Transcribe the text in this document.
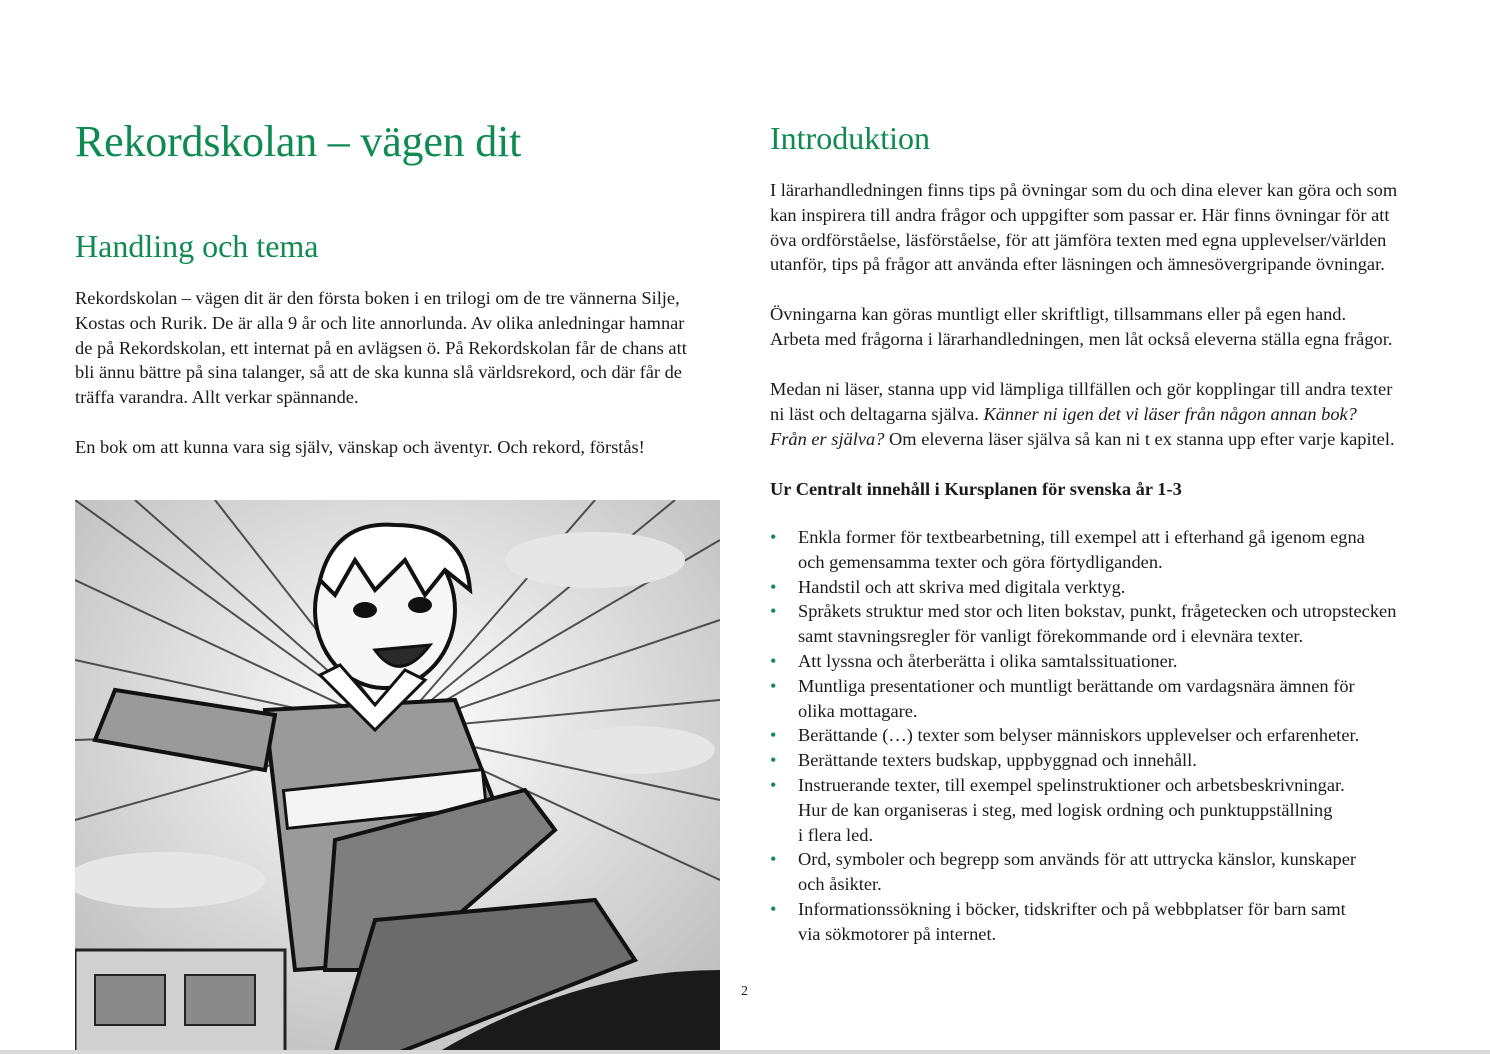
Rekordskolan – vägen dit
Handling och tema

Rekordskolan – vägen dit är den första boken i en trilogi om de tre vännerna Silje,
Kostas och Rurik. De är alla 9 år och lite annorlunda. Av olika anledningar hamnar
de på Rekordskolan, ett internat på en avlägsen ö. På Rekordskolan får de chans att
bli ännu bättre på sina talanger, så att de ska kunna slå världsrekord, och där får de
träffa varandra. Allt verkar spännande.

En bok om att kunna vara sig själv, vänskap och äventyr. Och rekord, förstås!

2
Introduktion

I lärarhandledningen finns tips på övningar som du och dina elever kan göra och som
kan inspirera till andra frågor och uppgifter som passar er. Här finns övningar för att
öva ordförståelse, läsförståelse, för att jämföra texten med egna upplevelser/världen
utanför, tips på frågor att använda efter läsningen och ämnesövergripande övningar.

Övningarna kan göras muntligt eller skriftligt, tillsammans eller på egen hand.
Arbeta med frågorna i lärarhandledningen, men låt också eleverna ställa egna frågor.

Medan ni läser, stanna upp vid lämpliga tillfällen och gör kopplingar till andra texter
ni läst och deltagarna själva. Känner ni igen det vi läser från någon annan bok?
Från er själva? Om eleverna läser själva så kan ni t ex stanna upp efter varje kapitel.

Ur Centralt innehåll i Kursplanen för svenska år 1-3

• Enkla former för textbearbetning, till exempel att i efterhand gå igenom egna
och gemensamma texter och göra förtydliganden.
• Handstil och att skriva med digitala verktyg.
• Språkets struktur med stor och liten bokstav, punkt, frågetecken och utropstecken
samt stavningsregler för vanligt förekommande ord i elevnära texter.
• Att lyssna och återberätta i olika samtalssituationer.
• Muntliga presentationer och muntligt berättande om vardagsnära ämnen för
olika mottagare.
• Berättande (…) texter som belyser människors upplevelser och erfarenheter.
• Berättande texters budskap, uppbyggnad och innehåll.
• Instruerande texter, till exempel spelinstruktioner och arbetsbeskrivningar.
Hur de kan organiseras i steg, med logisk ordning och punktuppställning
i flera led.
• Ord, symboler och begrepp som används för att uttrycka känslor, kunskaper
och åsikter.
• Informationssökning i böcker, tidskrifter och på webbplatser för barn samt
via sökmotorer på internet.
